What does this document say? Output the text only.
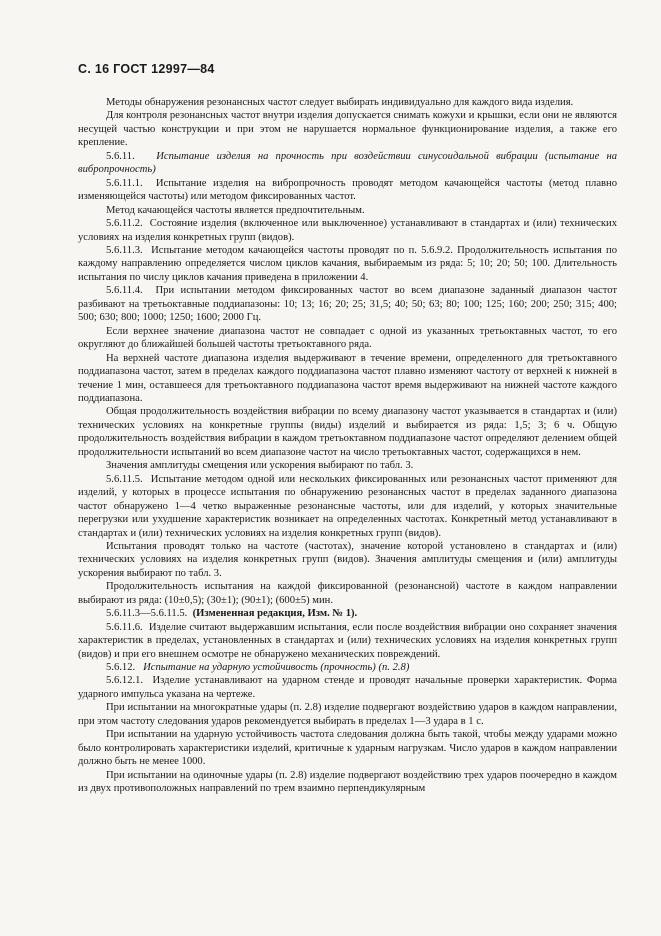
С. 16 ГОСТ 12997—84

Методы обнаружения резонансных частот следует выбирать индивидуально для каждого вида изделия.

Для контроля резонансных частот внутри изделия допускается снимать кожухи и крышки, если они не являются несущей частью конструкции и при этом не нарушается нормальное функционирование изделия, а также его крепление.

5.6.11. Испытание изделия на прочность при воздействии синусоидальной вибрации (испытание на вибропрочность)

5.6.11.1. Испытание изделия на вибропрочность проводят методом качающейся частоты (метод плавно изменяющейся частоты) или методом фиксированных частот.

Метод качающейся частоты является предпочтительным.

5.6.11.2. Состояние изделия (включенное или выключенное) устанавливают в стандартах и (или) технических условиях на изделия конкретных групп (видов).

5.6.11.3. Испытание методом качающейся частоты проводят по п. 5.6.9.2. Продолжительность испытания по каждому направлению определяется числом циклов качания, выбираемым из ряда: 5; 10; 20; 50; 100. Длительность испытания по числу циклов качания приведена в приложении 4.

5.6.11.4. При испытании методом фиксированных частот во всем диапазоне заданный диапазон частот разбивают на третьоктавные поддиапазоны: 10; 13; 16; 20; 25; 31,5; 40; 50; 63; 80; 100; 125; 160; 200; 250; 315; 400; 500; 630; 800; 1000; 1250; 1600; 2000 Гц.

Если верхнее значение диапазона частот не совпадает с одной из указанных третьоктавных частот, то его округляют до ближайшей большей частоты третьоктавного ряда.

На верхней частоте диапазона изделия выдерживают в течение времени, определенного для третьоктавного поддиапазона частот, затем в пределах каждого поддиапазона частот плавно изменяют частоту от верхней к нижней в течение 1 мин, оставшееся для третьоктавного поддиапазона частот время выдерживают на нижней частоте каждого поддиапазона.

Общая продолжительность воздействия вибрации по всему диапазону частот указывается в стандартах и (или) технических условиях на конкретные группы (виды) изделий и выбирается из ряда: 1,5; 3; 6 ч. Общую продолжительность воздействия вибрации в каждом третьоктавном поддиапазоне частот определяют делением общей продолжительности испытаний во всем диапазоне частот на число третьоктавных частот, содержащихся в нем.

Значения амплитуды смещения или ускорения выбирают по табл. 3.

5.6.11.5. Испытание методом одной или нескольких фиксированных или резонансных частот применяют для изделий, у которых в процессе испытания по обнаружению резонансных частот в пределах заданного диапазона частот обнаружено 1—4 четко выраженные резонансные частоты, или для изделий, у которых значительные перегрузки или ухудшение характеристик возникает на определенных частотах. Конкретный метод устанавливают в стандартах и (или) технических условиях на изделия конкретных групп (видов).

Испытания проводят только на частоте (частотах), значение которой установлено в стандартах и (или) технических условиях на изделия конкретных групп (видов). Значения амплитуды смещения и (или) амплитуды ускорения выбирают по табл. 3.

Продолжительность испытания на каждой фиксированной (резонансной) частоте в каждом направлении выбирают из ряда: (10±0,5); (30±1); (90±1); (600±5) мин.

5.6.11.3—5.6.11.5. (Измененная редакция, Изм. № 1).

5.6.11.6. Изделие считают выдержавшим испытания, если после воздействия вибрации оно сохраняет значения характеристик в пределах, установленных в стандартах и (или) технических условиях на изделия конкретных групп (видов) и при его внешнем осмотре не обнаружено механических повреждений.

5.6.12. Испытание на ударную устойчивость (прочность) (п. 2.8)

5.6.12.1. Изделие устанавливают на ударном стенде и проводят начальные проверки характеристик. Форма ударного импульса указана на чертеже.

При испытании на многократные удары (п. 2.8) изделие подвергают воздействию ударов в каждом направлении, при этом частоту следования ударов рекомендуется выбирать в пределах 1—3 удара в 1 с.

При испытании на ударную устойчивость частота следования должна быть такой, чтобы между ударами можно было контролировать характеристики изделий, критичные к ударным нагрузкам. Число ударов в каждом направлении должно быть не менее 1000.

При испытании на одиночные удары (п. 2.8) изделие подвергают воздействию трех ударов поочередно в каждом из двух противоположных направлений по трем взаимно перпендикулярным
